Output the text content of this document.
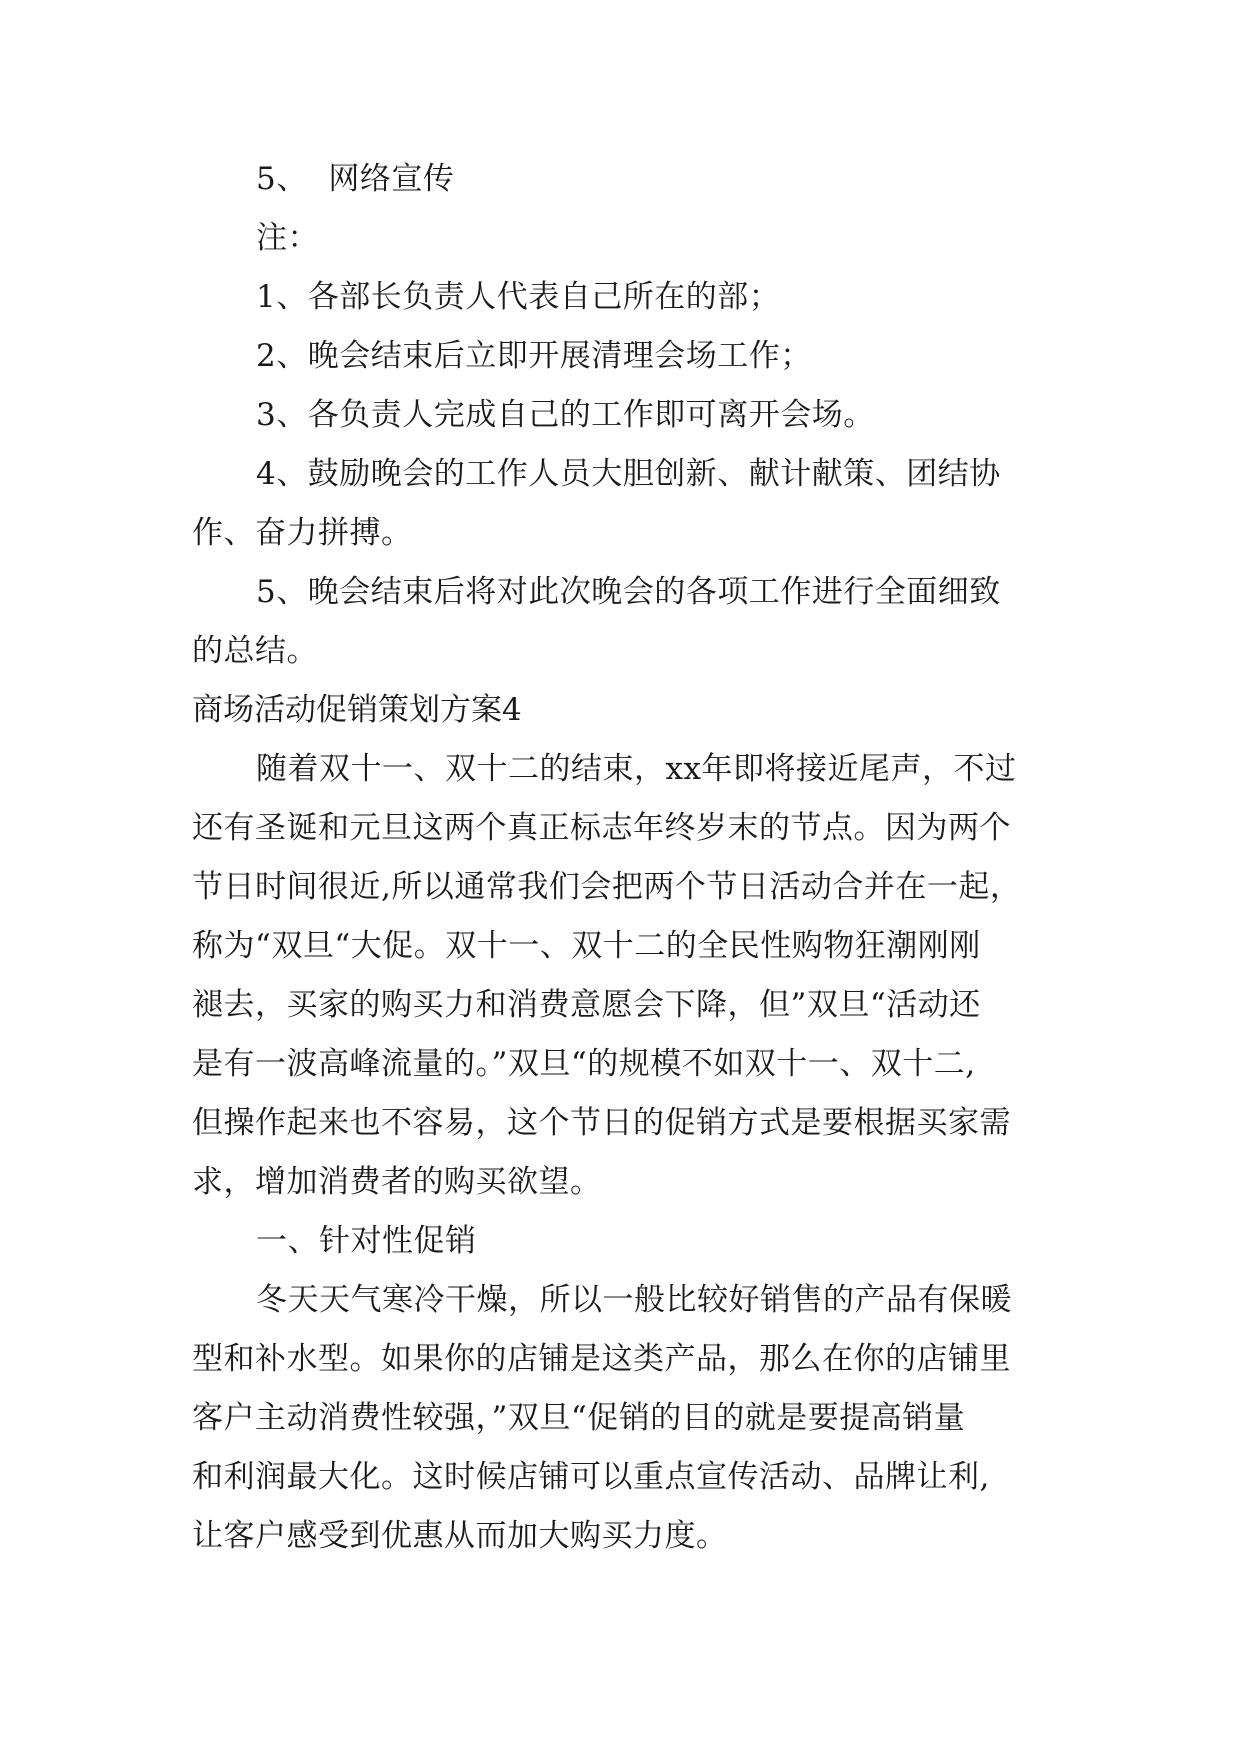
5、  网络宣传
注：
1、各部长负责人代表自己所在的部；
2、晚会结束后立即开展清理会场工作；
3、各负责人完成自己的工作即可离开会场。
4、鼓励晚会的工作人员大胆创新、献计献策、团结协
作、奋力拼搏。
5、晚会结束后将对此次晚会的各项工作进行全面细致
的总结。
商场活动促销策划方案4
随着双十一、双十二的结束，xx年即将接近尾声，不过
还有圣诞和元旦这两个真正标志年终岁末的节点。因为两个
节日时间很近,所以通常我们会把两个节日活动合并在一起，
称为“双旦“大促。双十一、双十二的全民性购物狂潮刚刚
褪去，买家的购买力和消费意愿会下降，但”双旦“活动还
是有一波高峰流量的。”双旦“的规模不如双十一、双十二,
但操作起来也不容易，这个节日的促销方式是要根据买家需
求，增加消费者的购买欲望。
一、针对性促销
冬天天气寒冷干燥，所以一般比较好销售的产品有保暖
型和补水型。如果你的店铺是这类产品，那么在你的店铺里
客户主动消费性较强，”双旦“促销的目的就是要提高销量
和利润最大化。这时候店铺可以重点宣传活动、品牌让利,
让客户感受到优惠从而加大购买力度。
